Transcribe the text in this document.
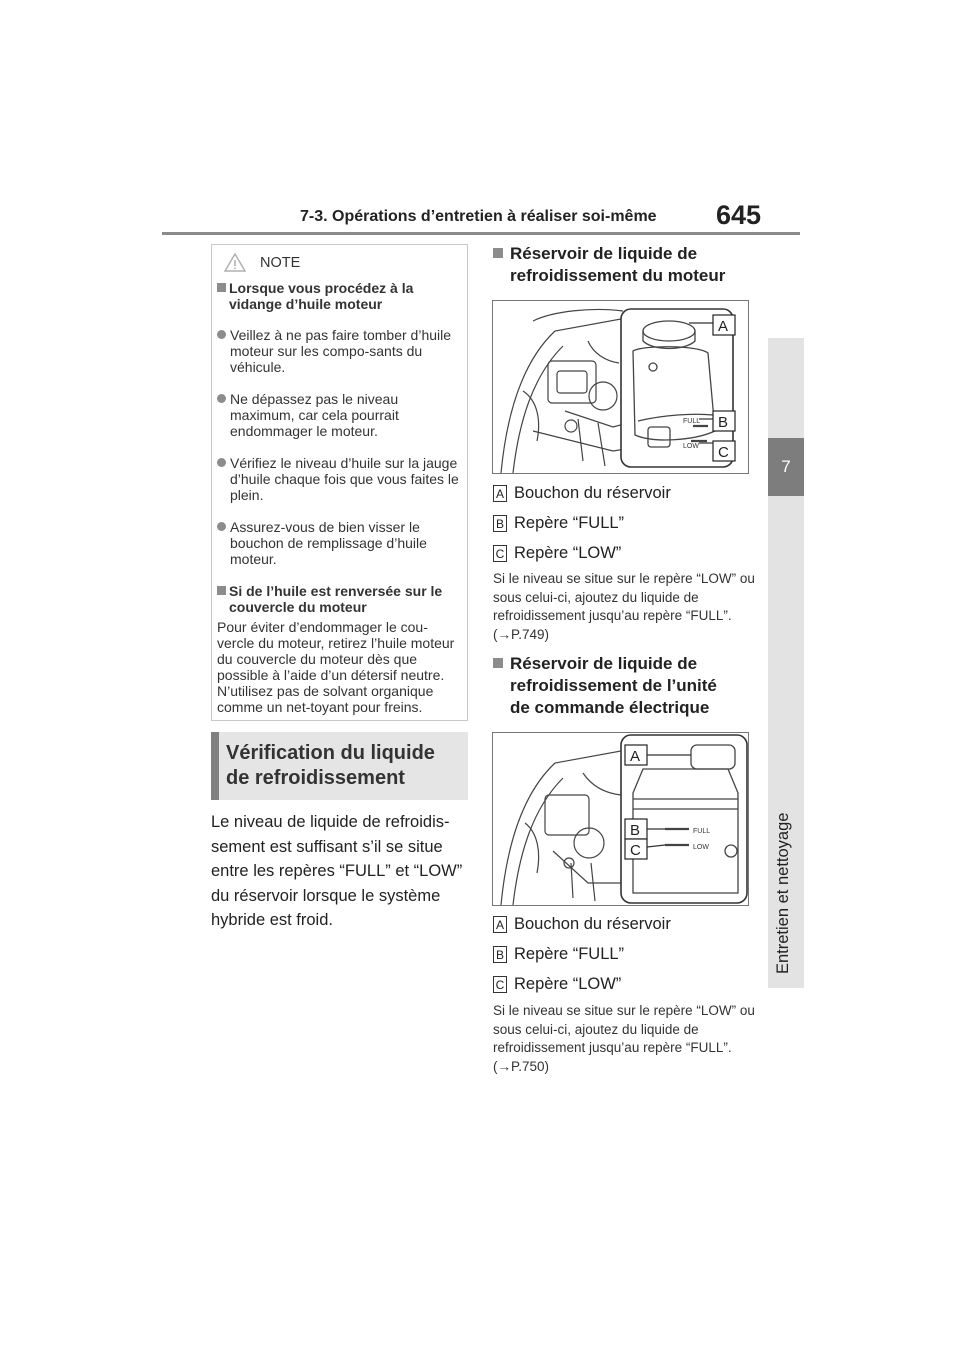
7-3. Opérations d’entretien à réaliser soi-même 645
7
Entretien et nettoyage
NOTE

Lorsque vous procédez à la vidange d’huile moteur

Veillez à ne pas faire tomber d’huile moteur sur les compo-sants du véhicule.

Ne dépassez pas le niveau maximum, car cela pourrait endommager le moteur.

Vérifiez le niveau d’huile sur la jauge d’huile chaque fois que vous faites le plein.

Assurez-vous de bien visser le bouchon de remplissage d’huile moteur.

Si de l’huile est renversée sur le couvercle du moteur

Pour éviter d’endommager le cou-vercle du moteur, retirez l’huile moteur du couvercle du moteur dès que possible à l’aide d’un détersif neutre. N’utilisez pas de solvant organique comme un net-toyant pour freins.

Vérification du liquide de refroidissement
Le niveau de liquide de refroidis-sement est suffisant s’il se situe entre les repères “FULL” et “LOW” du réservoir lorsque le système hybride est froid.
Réservoir de liquide de
refroidissement du moteur
FULL
LOW
A
B
C
A Bouchon du réservoir
B Repère “FULL”
C Repère “LOW”
Si le niveau se situe sur le repère “LOW” ou sous celui-ci, ajoutez du liquide de refroidissement jusqu’au repère “FULL”. (→P.749)
Réservoir de liquide de
refroidissement de l’unité
de commande électrique
FULL
LOW
A
B
C
A Bouchon du réservoir
B Repère “FULL”
C Repère “LOW”
Si le niveau se situe sur le repère “LOW” ou sous celui-ci, ajoutez du liquide de refroidissement jusqu’au repère “FULL”. (→P.750)
